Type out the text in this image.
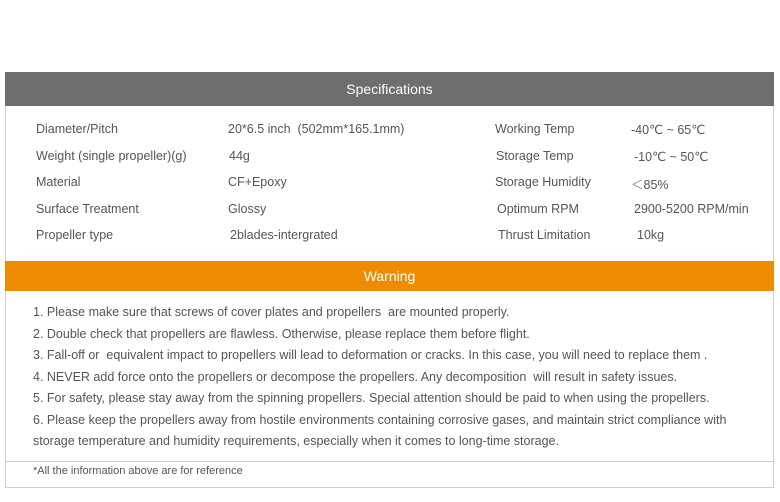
Specifications
Diameter/Pitch	20*6.5 inch  (502mm*165.1mm)	Working Temp	-40℃ ~ 65℃
Weight (single propeller)(g)	44g	Storage Temp	-10℃ ~ 50℃
Material	CF+Epoxy	Storage Humidity	＜85%
Surface Treatment	Glossy	Optimum RPM	2900-5200 RPM/min
Propeller type	2blades-intergrated	Thrust Limitation	10kg
Warning
1. Please make sure that screws of cover plates and propellers  are mounted properly.
2. Double check that propellers are flawless. Otherwise, please replace them before flight.
3. Fall-off or  equivalent impact to propellers will lead to deformation or cracks. In this case, you will need to replace them .
4. NEVER add force onto the propellers or decompose the propellers. Any decomposition  will result in safety issues.
5. For safety, please stay away from the spinning propellers. Special attention should be paid to when using the propellers.
6. Please keep the propellers away from hostile environments containing corrosive gases, and maintain strict compliance with
storage temperature and humidity requirements, especially when it comes to long-time storage.
*All the information above are for reference
